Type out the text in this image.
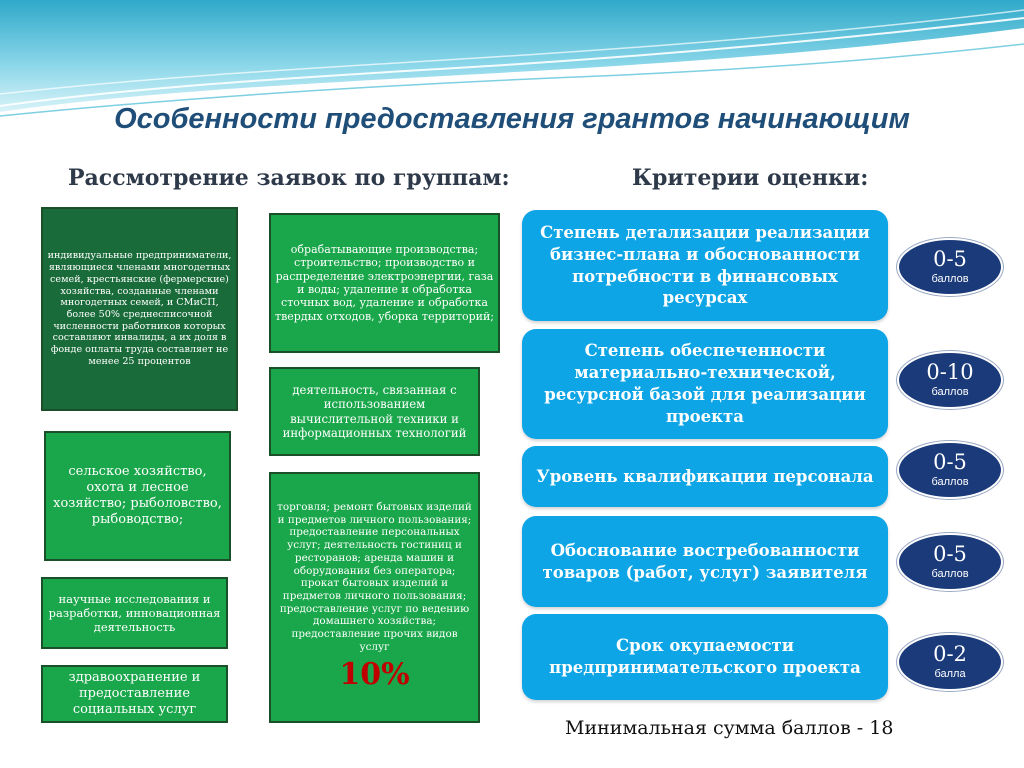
Особенности предоставления грантов начинающим
Рассмотрение заявок по группам:	Критерии оценки:
индивидуальные предприниматели, являющиеся членами многодетных семей, крестьянские (фермерские) хозяйства, созданные членами многодетных семей, и СМиСП, более 50% среднесписочной численности работников которых составляют инвалиды, а их доля в фонде оплаты труда составляет не менее 25 процентов
сельское хозяйство, охота и лесное хозяйство; рыболовство, рыбоводство;
научные исследования и разработки, инновационная деятельность
здравоохранение и предоставление социальных услуг
обрабатывающие производства; строительство; производство и распределение электроэнергии, газа и воды; удаление и обработка сточных вод, удаление и обработка твердых отходов, уборка территорий;
деятельность, связанная с использованием вычислительной техники и информационных технологий
торговля; ремонт бытовых изделий и предметов личного пользования; предоставление персональных услуг; деятельность гостиниц и ресторанов; аренда машин и оборудования без оператора; прокат бытовых изделий и предметов личного пользования; предоставление услуг по ведению домашнего хозяйства; предоставление прочих видов услуг
10%
Степень детализации реализации бизнес-плана и обоснованности потребности в финансовых ресурсах
Степень обеспеченности материально-технической, ресурсной базой для реализации проекта
Уровень квалификации персонала
Обоснование востребованности товаров (работ, услуг) заявителя
Срок окупаемости предпринимательского проекта
0-5
баллов
0-10
баллов
0-5
баллов
0-5
баллов
0-2
балла
Минимальная сумма баллов - 18
